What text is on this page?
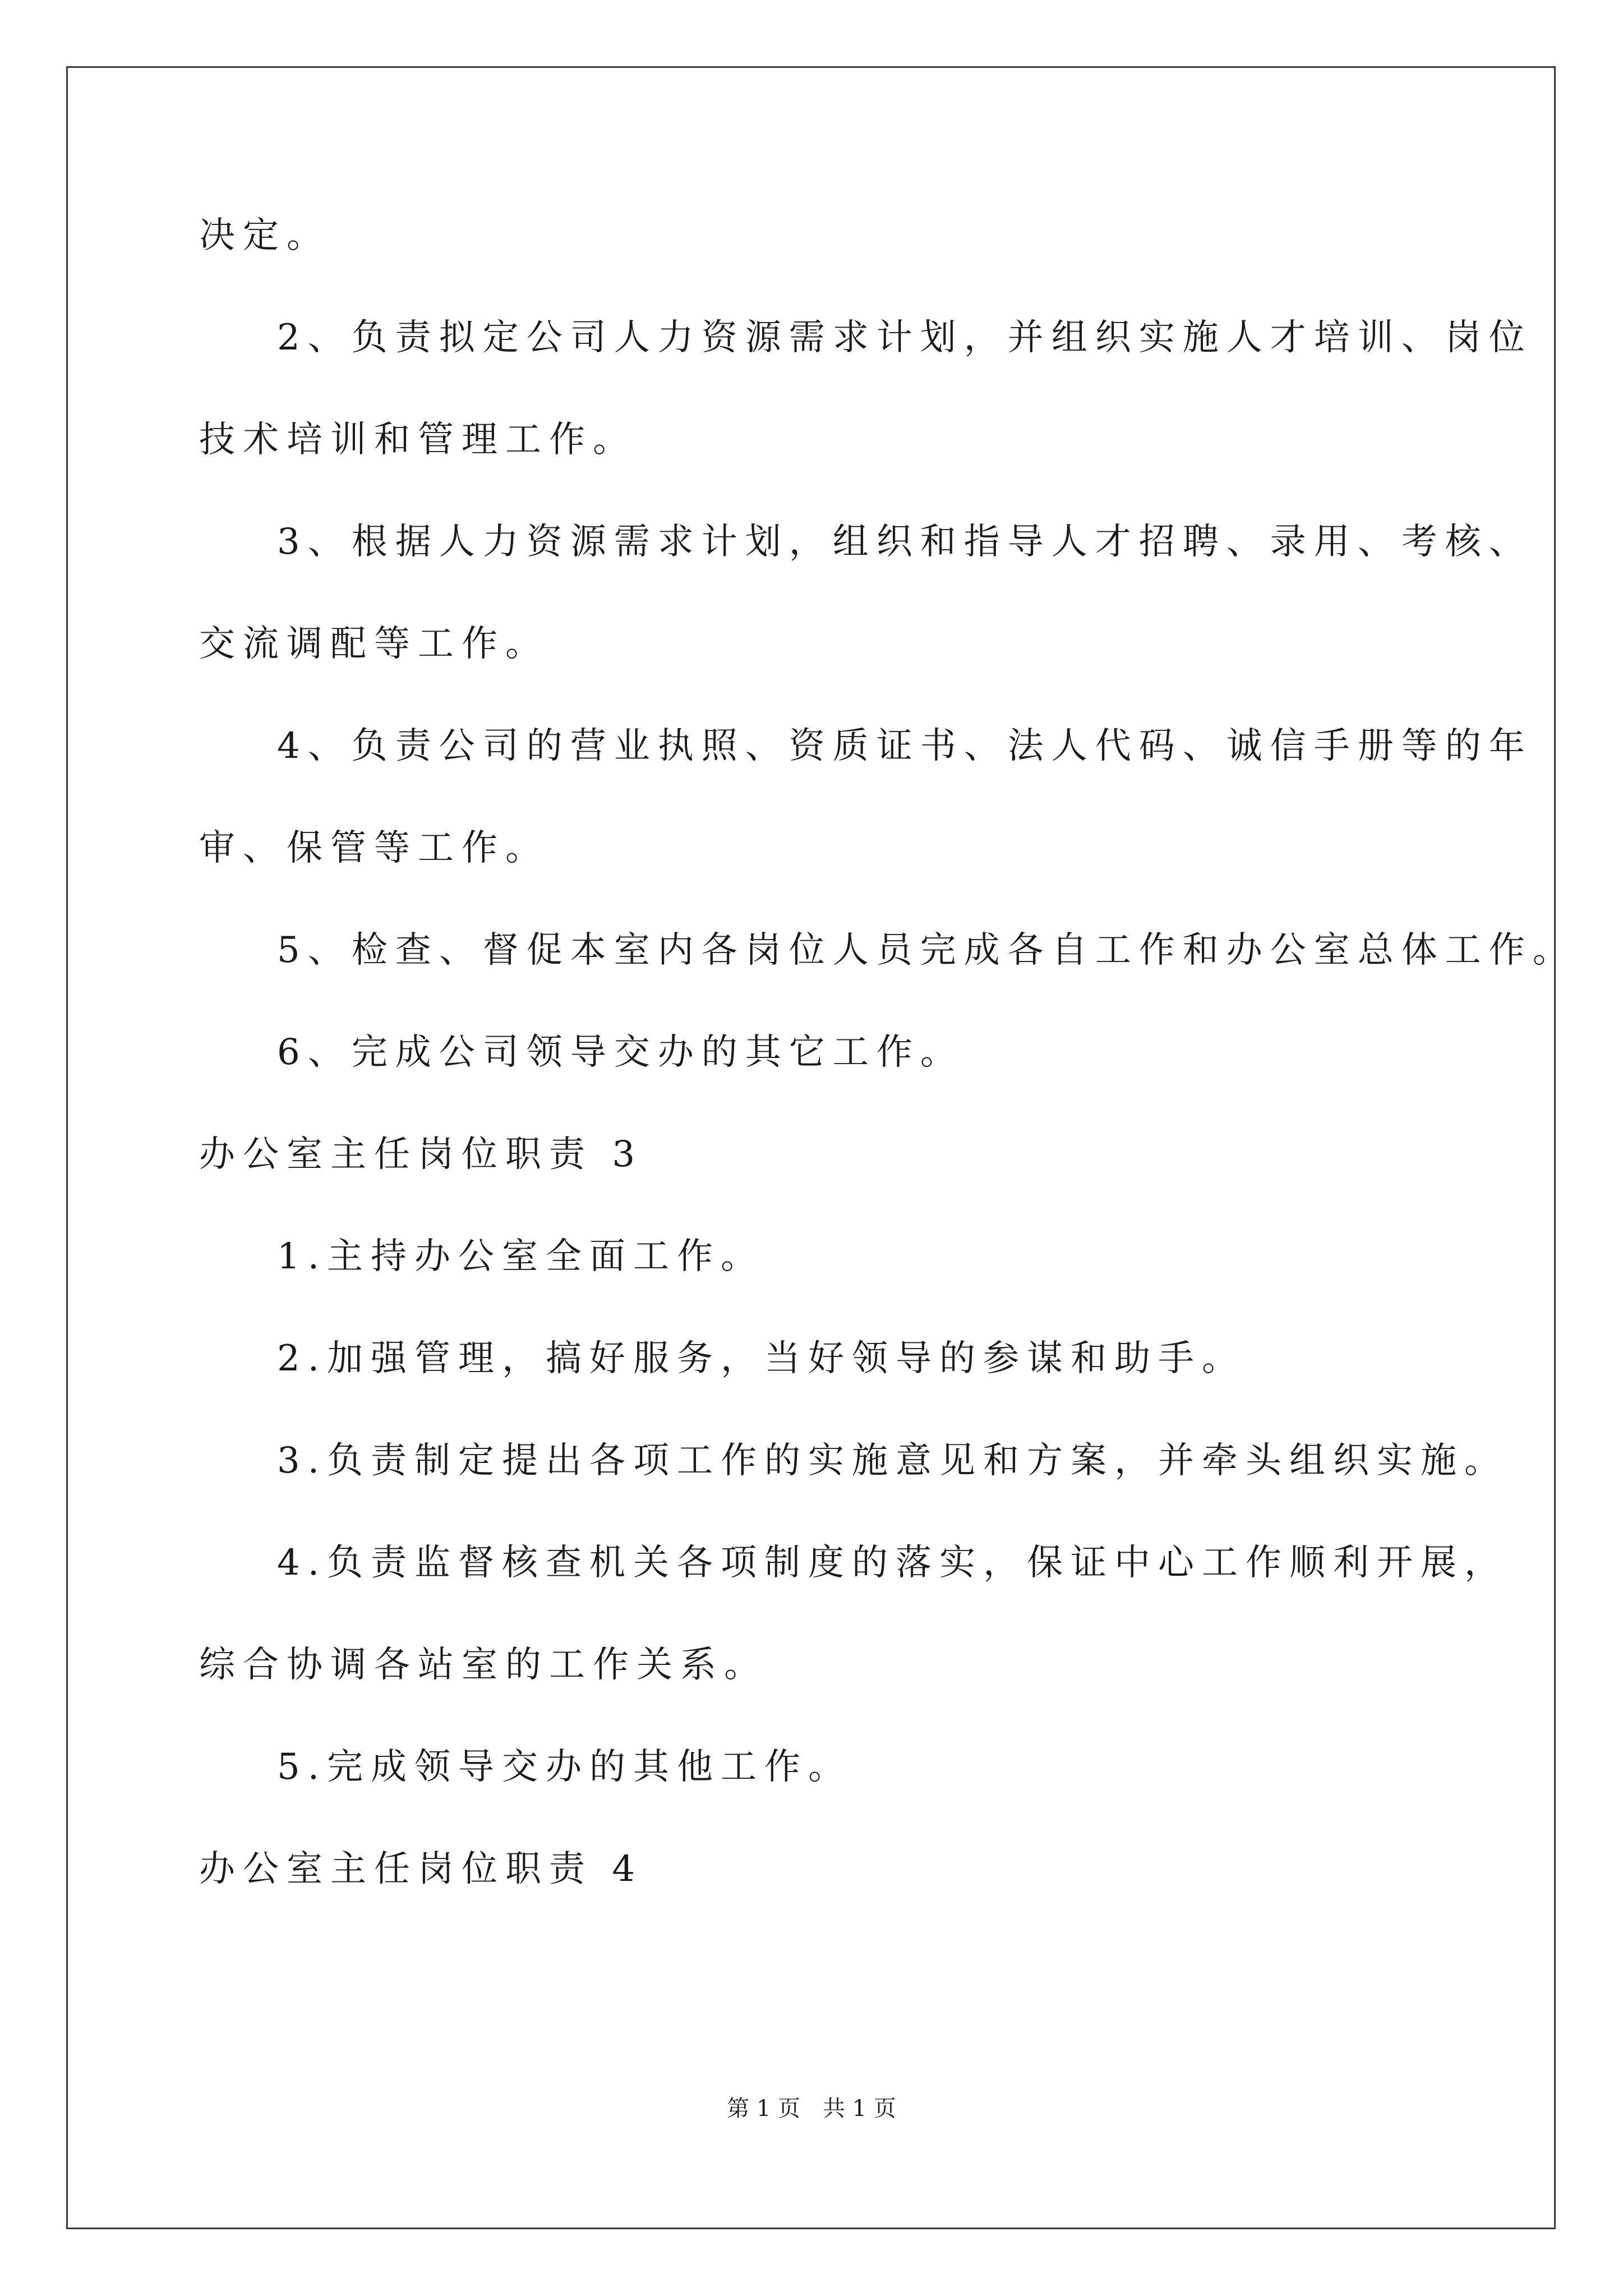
决定。
2、负责拟定公司人力资源需求计划，并组织实施人才培训、岗位
技术培训和管理工作。
3、根据人力资源需求计划，组织和指导人才招聘、录用、考核、
交流调配等工作。
4、负责公司的营业执照、资质证书、法人代码、诚信手册等的年
审、保管等工作。
5、检查、督促本室内各岗位人员完成各自工作和办公室总体工作。
6、完成公司领导交办的其它工作。
办公室主任岗位职责 3
1.主持办公室全面工作。
2.加强管理，搞好服务，当好领导的参谋和助手。
3.负责制定提出各项工作的实施意见和方案，并牵头组织实施。
4.负责监督核查机关各项制度的落实，保证中心工作顺利开展，
综合协调各站室的工作关系。
5.完成领导交办的其他工作。
办公室主任岗位职责 4
第 1 页　共 1 页
